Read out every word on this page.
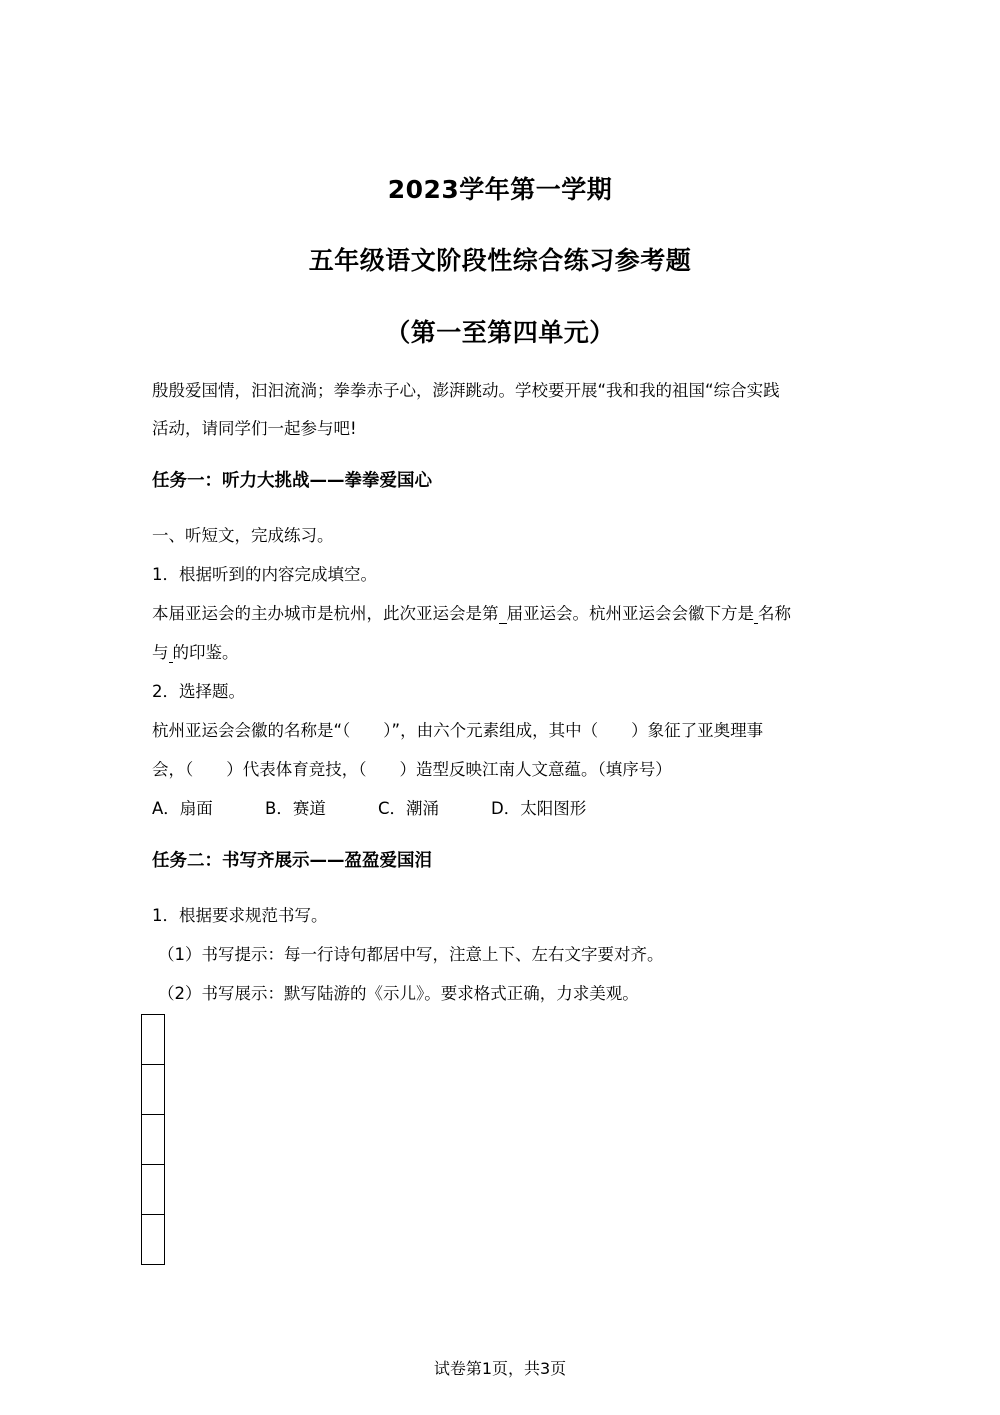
2023学年第一学期
五年级语文阶段性综合练习参考题
（第一至第四单元）
殷殷爱国情，汩汩流淌；拳拳赤子心，澎湃跳动。学校要开展“我和我的祖国“综合实践
活动，请同学们一起参与吧!
任务一：听力大挑战——拳拳爱国心
一、听短文，完成练习。
1．根据听到的内容完成填空。
本届亚运会的主办城市是杭州，此次亚运会是第 届亚运会。杭州亚运会会徽下方是 名称
与 的印鉴。
2．选择题。
杭州亚运会会徽的名称是“（　　）”，由六个元素组成，其中（　　）象征了亚奥理事
会，（　　）代表体育竞技，（　　）造型反映江南人文意蕴。（填序号）
A．扇面	B．赛道	C．潮涌	D．太阳图形
任务二：书写齐展示——盈盈爱国泪
1．根据要求规范书写。
（1）书写提示：每一行诗句都居中写，注意上下、左右文字要对齐。
（2）书写展示：默写陆游的《示儿》。要求格式正确，力求美观。
试卷第1页，共3页
